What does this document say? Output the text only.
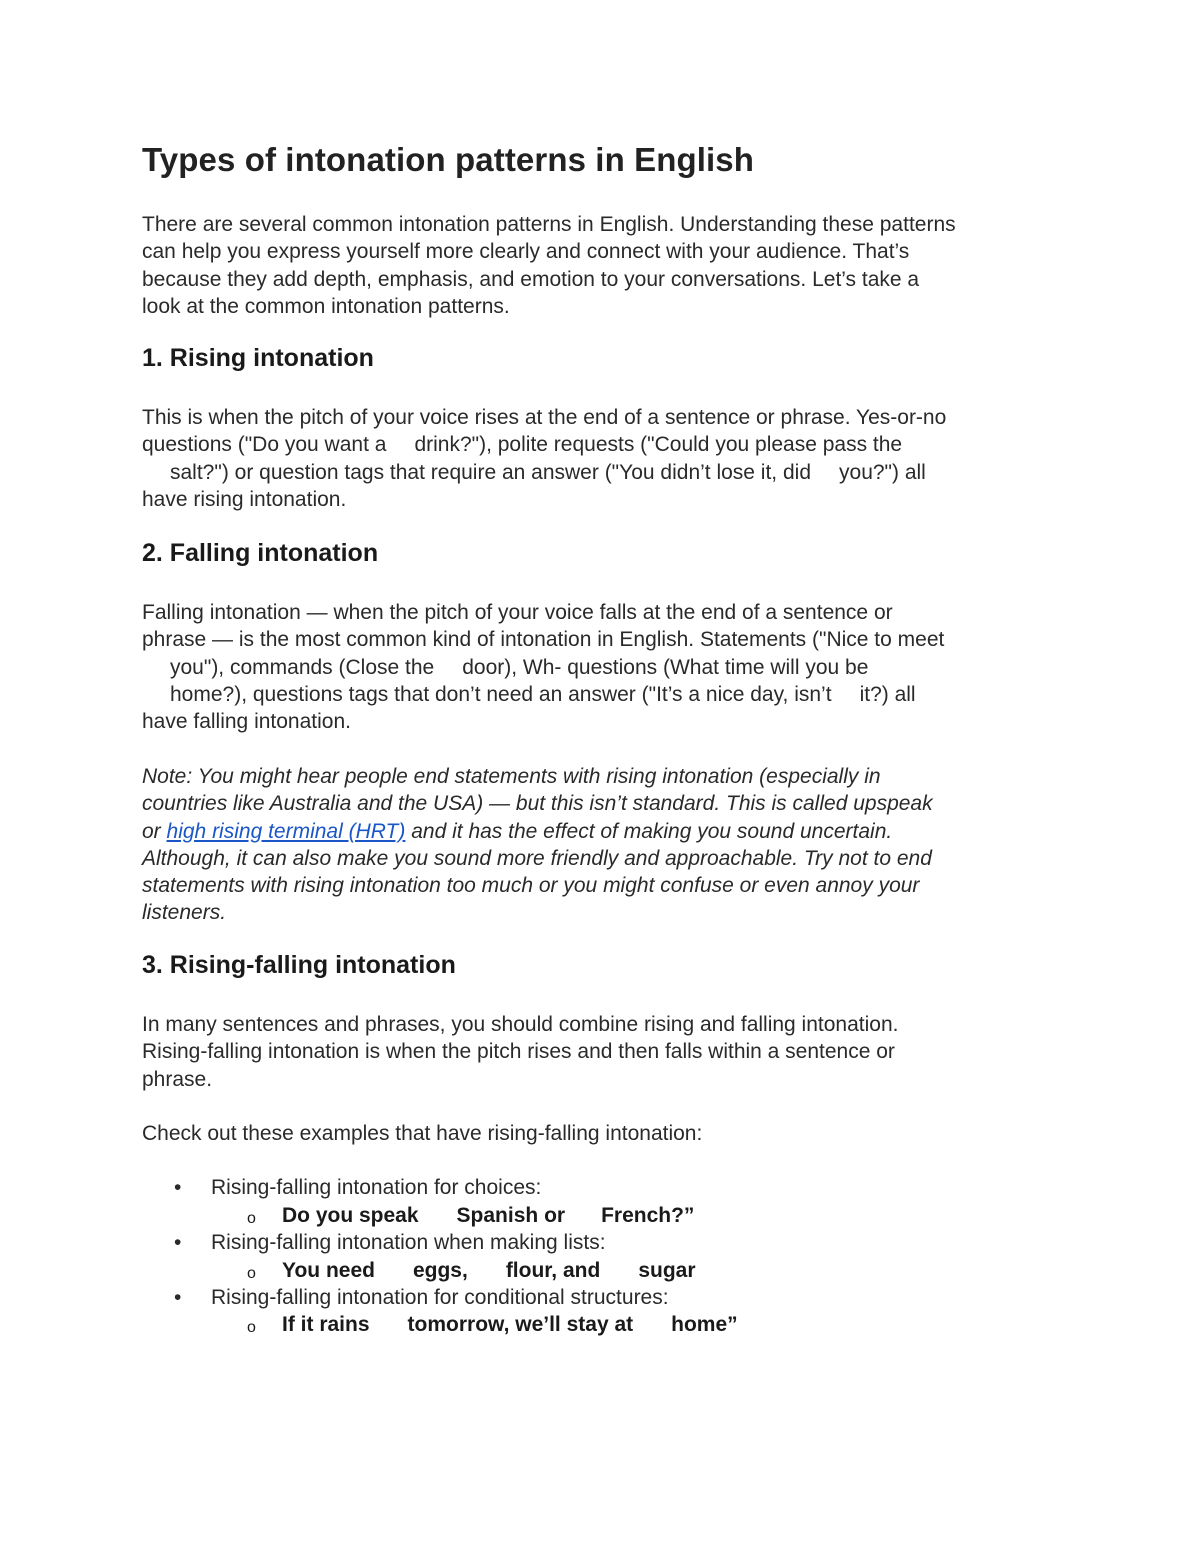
Types of intonation patterns in English

There are several common intonation patterns in English. Understanding these patterns
can help you express yourself more clearly and connect with your audience. That’s
because they add depth, emphasis, and emotion to your conversations. Let’s take a
look at the common intonation patterns.

1. Rising intonation

This is when the pitch of your voice rises at the end of a sentence or phrase. Yes-or-no
questions ("Do you want a drink?"), polite requests ("Could you please pass the
salt?") or question tags that require an answer ("You didn’t lose it, did you?") all
have rising intonation.

2. Falling intonation

Falling intonation — when the pitch of your voice falls at the end of a sentence or
phrase — is the most common kind of intonation in English. Statements ("Nice to meet
you"), commands (Close the door), Wh- questions (What time will you be
home?), questions tags that don’t need an answer ("It’s a nice day, isn’t it?) all
have falling intonation.

Note: You might hear people end statements with rising intonation (especially in
countries like Australia and the USA) — but this isn’t standard. This is called upspeak
or high rising terminal (HRT) and it has the effect of making you sound uncertain.
Although, it can also make you sound more friendly and approachable. Try not to end
statements with rising intonation too much or you might confuse or even annoy your
listeners.

3. Rising-falling intonation

In many sentences and phrases, you should combine rising and falling intonation.
Rising-falling intonation is when the pitch rises and then falls within a sentence or
phrase.

Check out these examples that have rising-falling intonation:

• Rising-falling intonation for choices:
o Do you speak Spanish or French?”
• Rising-falling intonation when making lists:
o You need eggs, flour, and sugar
• Rising-falling intonation for conditional structures:
o If it rains tomorrow, we’ll stay at home”
